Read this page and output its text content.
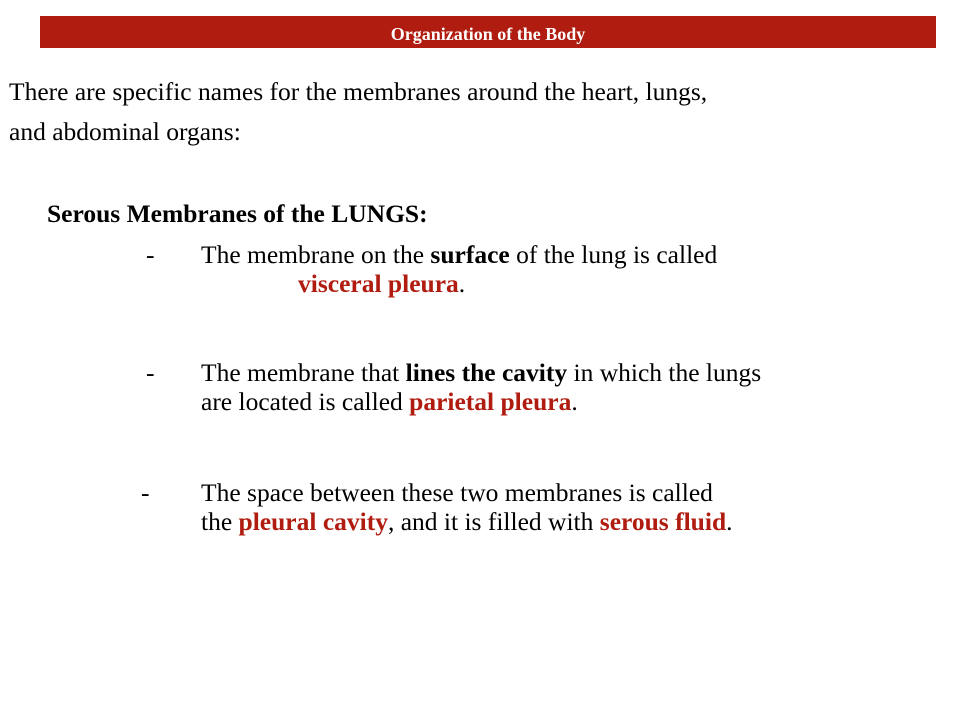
Organization of the Body
There are specific names for the membranes around the heart, lungs,
and abdominal organs:
Serous Membranes of the LUNGS:
- The membrane on the surface of the lung is called
visceral pleura.
- The membrane that lines the cavity in which the lungs
are located is called parietal pleura.
- The space between these two membranes is called
the pleural cavity, and it is filled with serous fluid.
